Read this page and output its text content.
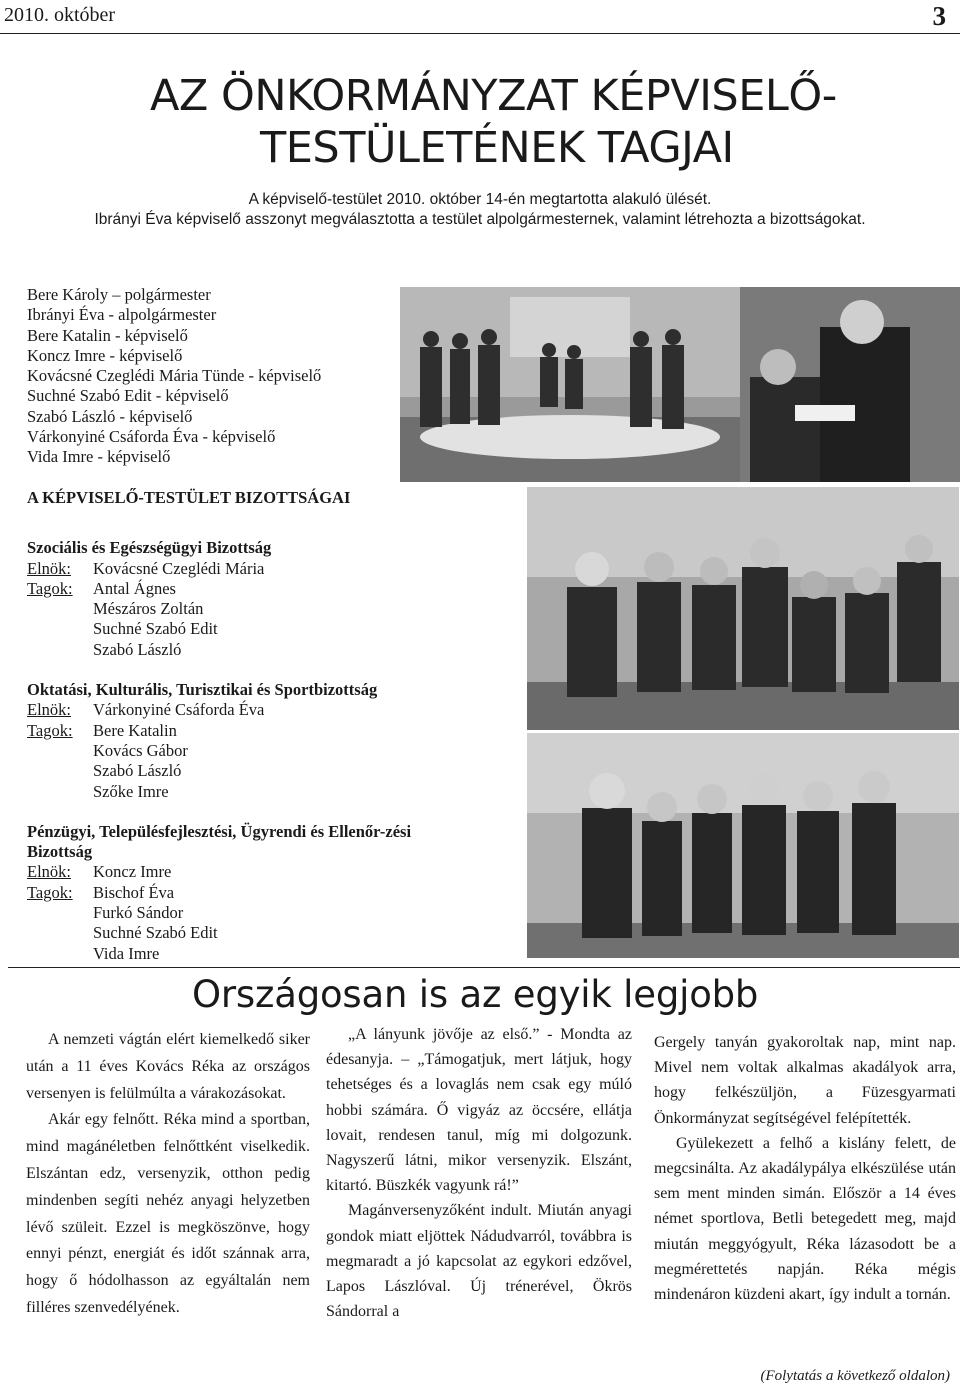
2010. október	3
AZ ÖNKORMÁNYZAT KÉPVISELŐ-
TESTÜLETÉNEK TAGJAI
A képviselő-testület 2010. október 14-én megtartotta alakuló ülését.
Ibrányi Éva képviselő asszonyt megválasztotta a testület alpolgármesternek, valamint létrehozta a bizottságokat.
Bere Károly – polgármester
Ibrányi Éva - alpolgármester
Bere Katalin - képviselő
Koncz Imre - képviselő
Kovácsné Czeglédi Mária Tünde - képviselő
Suchné Szabó Edit - képviselő
Szabó László - képviselő
Várkonyiné Csáforda Éva - képviselő
Vida Imre - képviselő
A KÉPVISELŐ-TESTÜLET BIZOTTSÁGAI
Szociális és Egészségügyi Bizottság
Elnök:	Kovácsné Czeglédi Mária
Tagok:	Antal Ágnes
Mészáros Zoltán
Suchné Szabó Edit
Szabó László
Oktatási, Kulturális, Turisztikai és Sportbizottság
Elnök:	Várkonyiné Csáforda Éva
Tagok:	Bere Katalin
Kovács Gábor
Szabó László
Szőke Imre
Pénzügyi, Településfejlesztési, Ügyrendi és Ellenőr-zési Bizottság
Elnök:	Koncz Imre
Tagok:	Bischof Éva
Furkó Sándor
Suchné Szabó Edit
Vida Imre
Országosan is az egyik legjobb

A nemzeti vágtán elért kiemelkedő siker után a 11 éves Kovács Réka az országos versenyen is felülmúlta a várakozásokat.

Akár egy felnőtt. Réka mind a sportban, mind magánéletben felnőttként viselkedik. Elszántan edz, versenyzik, otthon pedig mindenben segíti nehéz anyagi helyzetben lévő szüleit. Ezzel is megköszönve, hogy ennyi pénzt, energiát és időt szánnak arra, hogy ő hódolhasson az egyáltalán nem filléres szenvedélyének.

„A lányunk jövője az első.” - Mondta az édesanyja. – „Támogatjuk, mert látjuk, hogy tehetséges és a lovaglás nem csak egy múló hobbi számára. Ő vigyáz az öccsére, ellátja lovait, rendesen tanul, míg mi dolgozunk. Nagyszerű látni, mikor versenyzik. Elszánt, kitartó. Büszkék vagyunk rá!”

Magánversenyzőként indult. Miután anyagi gondok miatt eljöttek Nádudvarról, továbbra is megmaradt a jó kapcsolat az egykori edzővel, Lapos Lászlóval. Új trénerével, Ökrös Sándorral a

Gergely tanyán gyakoroltak nap, mint nap. Mivel nem voltak alkalmas akadályok arra, hogy felkészüljön, a Füzesgyarmati Önkormányzat segítségével felépítették.

Gyülekezett a felhő a kislány felett, de megcsinálta. Az akadálypálya elkészülése után sem ment minden simán. Először a 14 éves német sportlova, Betli betegedett meg, majd miután meggyógyult, Réka lázasodott be a megmérettetés napján. Réka mégis mindenáron küzdeni akart, így indult a tornán.

(Folytatás a következő oldalon)
